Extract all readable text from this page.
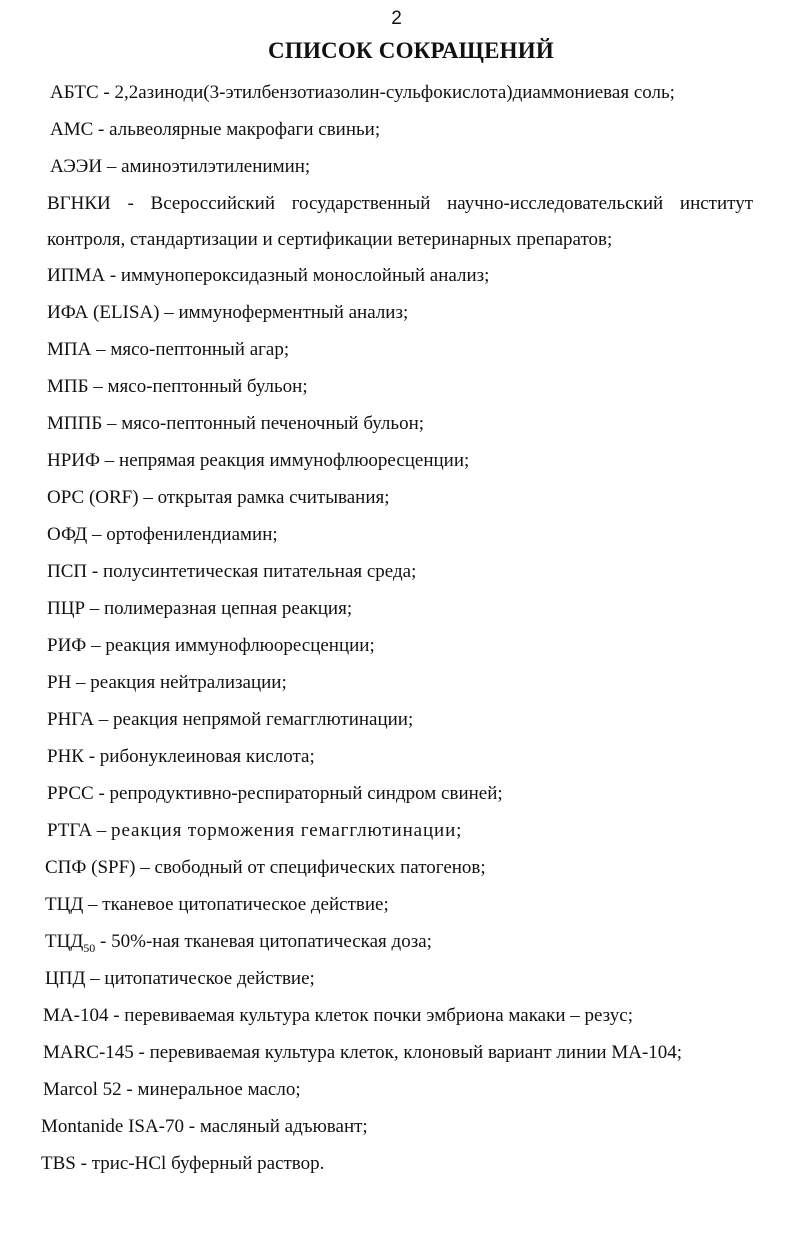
2
СПИСОК СОКРАЩЕНИЙ
АБТС - 2,2азиноди(3-этилбензотиазолин-сульфокислота)диаммониевая соль;
АМС - альвеолярные макрофаги свиньи;
АЭЭИ – аминоэтилэтиленимин;
ВГНКИ - Всероссийский государственный научно-исследовательский институт контроля, стандартизации и сертификации ветеринарных препаратов;
ИПМА - иммунопероксидазный монослойный анализ;
ИФА (ELISA) – иммуноферментный анализ;
МПА – мясо-пептонный агар;
МПБ – мясо-пептонный бульон;
МППБ – мясо-пептонный печеночный бульон;
НРИФ – непрямая реакция иммунофлюоресценции;
ОРС (ORF) – открытая рамка считывания;
ОФД – ортофенилендиамин;
ПСП - полусинтетическая питательная среда;
ПЦР – полимеразная цепная реакция;
РИФ – реакция иммунофлюоресценции;
РН – реакция нейтрализации;
РНГА – реакция непрямой гемагглютинации;
РНК - рибонуклеиновая кислота;
РРСС - репродуктивно-респираторный синдром свиней;
РТГА – реакция торможения гемагглютинации;
СПФ (SPF) – свободный от специфических патогенов;
ТЦД – тканевое цитопатическое действие;
$ТЦД_{50} - 50\%-ная$ тканевая цитопатическая доза;
ЦПД – цитопатическое действие;
МА-104 - перевиваемая культура клеток почки эмбриона макаки – резус;
MARC-145 - перевиваемая культура клеток, клоновый вариант линии МА-104;
Marcol 52 - минеральное масло;
Montanide ISA-70 - масляный адъювант;
TBS - трис-HCl буферный раствор.
